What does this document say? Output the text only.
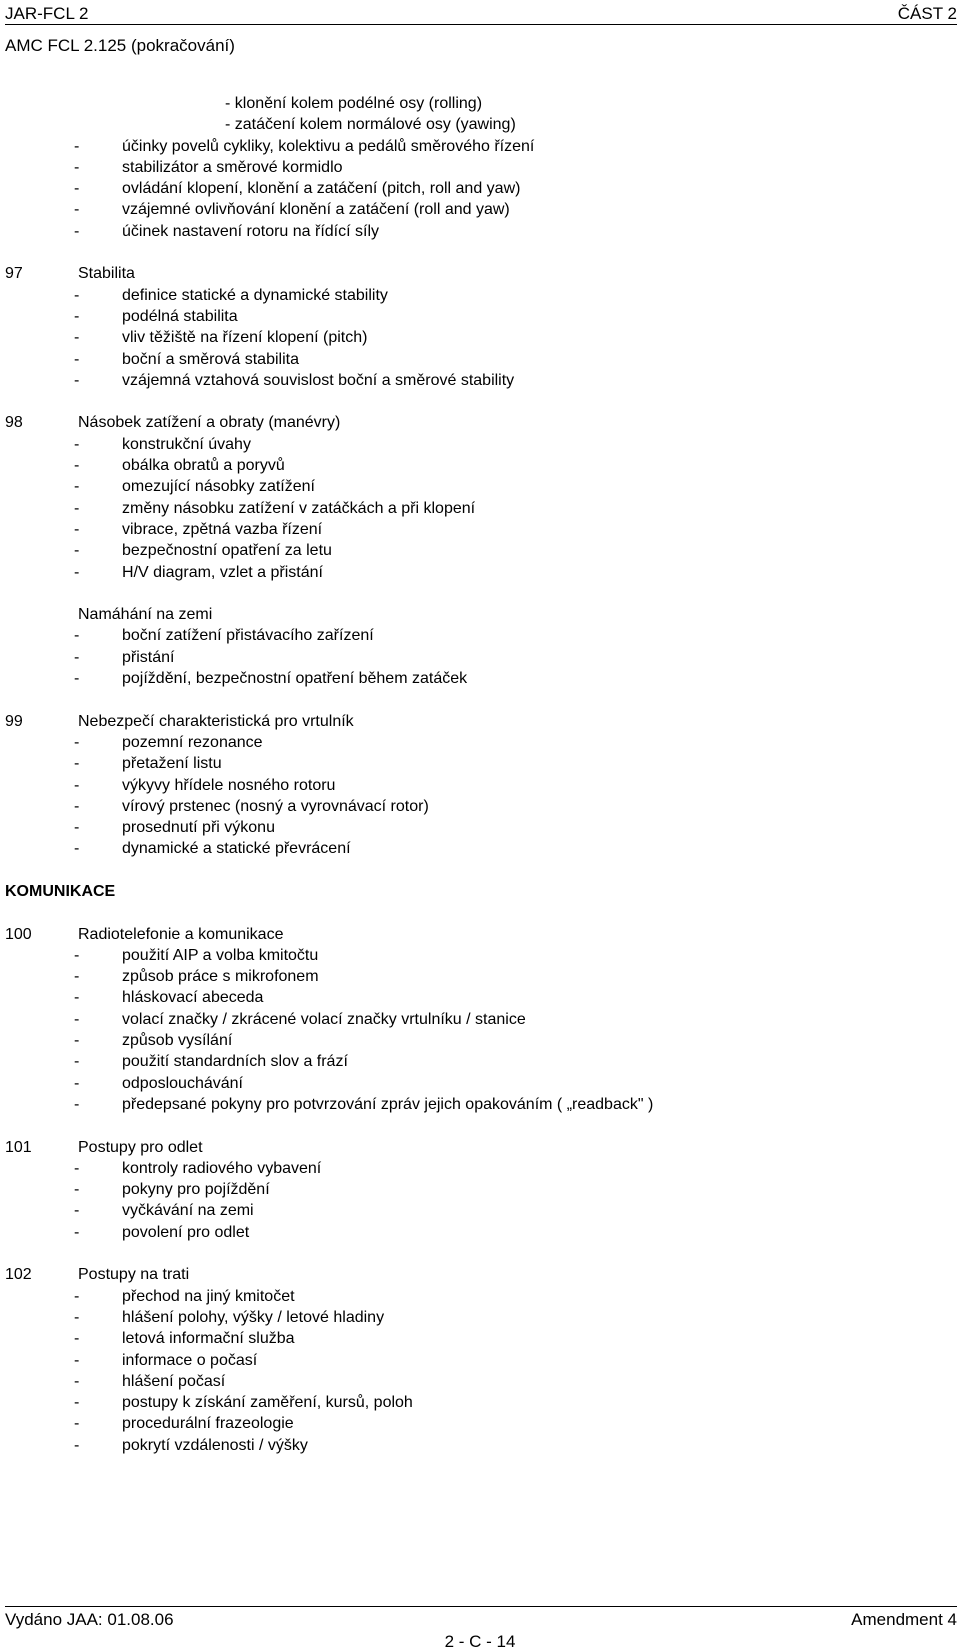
JAR-FCL 2	ČÁST 2
AMC FCL 2.125 (pokračování)
- klonění kolem podélné osy (rolling)
- zatáčení kolem normálové osy (yawing)
-	účinky povelů cykliky, kolektivu a pedálů směrového řízení
-	stabilizátor a směrové kormidlo
-	ovládání klopení, klonění a zatáčení (pitch, roll and yaw)
-	vzájemné ovlivňování klonění a zatáčení (roll and yaw)
-	účinek nastavení rotoru na řídící síly
97	Stabilita
-	definice statické a dynamické stability
-	podélná stabilita
-	vliv těžiště na řízení klopení (pitch)
-	boční a směrová stabilita
-	vzájemná vztahová souvislost boční a směrové stability
98	Násobek zatížení a obraty (manévry)
-	konstrukční úvahy
-	obálka obratů a poryvů
-	omezující násobky zatížení
-	změny násobku zatížení v zatáčkách a při klopení
-	vibrace, zpětná vazba řízení
-	bezpečnostní opatření za letu
-	H/V diagram, vzlet a přistání
Namáhání na zemi
-	boční zatížení přistávacího zařízení
-	přistání
-	pojíždění, bezpečnostní opatření během zatáček
99	Nebezpečí charakteristická pro vrtulník
-	pozemní rezonance
-	přetažení listu
-	výkyvy hřídele nosného rotoru
-	vírový prstenec (nosný a vyrovnávací rotor)
-	prosednutí při výkonu
-	dynamické a statické převrácení
KOMUNIKACE
100	Radiotelefonie a komunikace
-	použití AIP a volba kmitočtu
-	způsob práce s mikrofonem
-	hláskovací abeceda
-	volací značky / zkrácené volací značky vrtulníku / stanice
-	způsob vysílání
-	použití standardních slov a frází
-	odposlouchávání
-	předepsané pokyny pro potvrzování zpráv jejich opakováním ( „readback" )
101	Postupy pro odlet
-	kontroly radiového vybavení
-	pokyny pro pojíždění
-	vyčkávání na zemi
-	povolení pro odlet
102	Postupy na trati
-	přechod na jiný kmitočet
-	hlášení polohy, výšky / letové hladiny
-	letová informační služba
-	informace o počasí
-	hlášení počasí
-	postupy k získání zaměření, kursů, poloh
-	procedurální frazeologie
-	pokrytí vzdálenosti / výšky
Vydáno JAA: 01.08.06	Amendment 4
2 - C - 14
